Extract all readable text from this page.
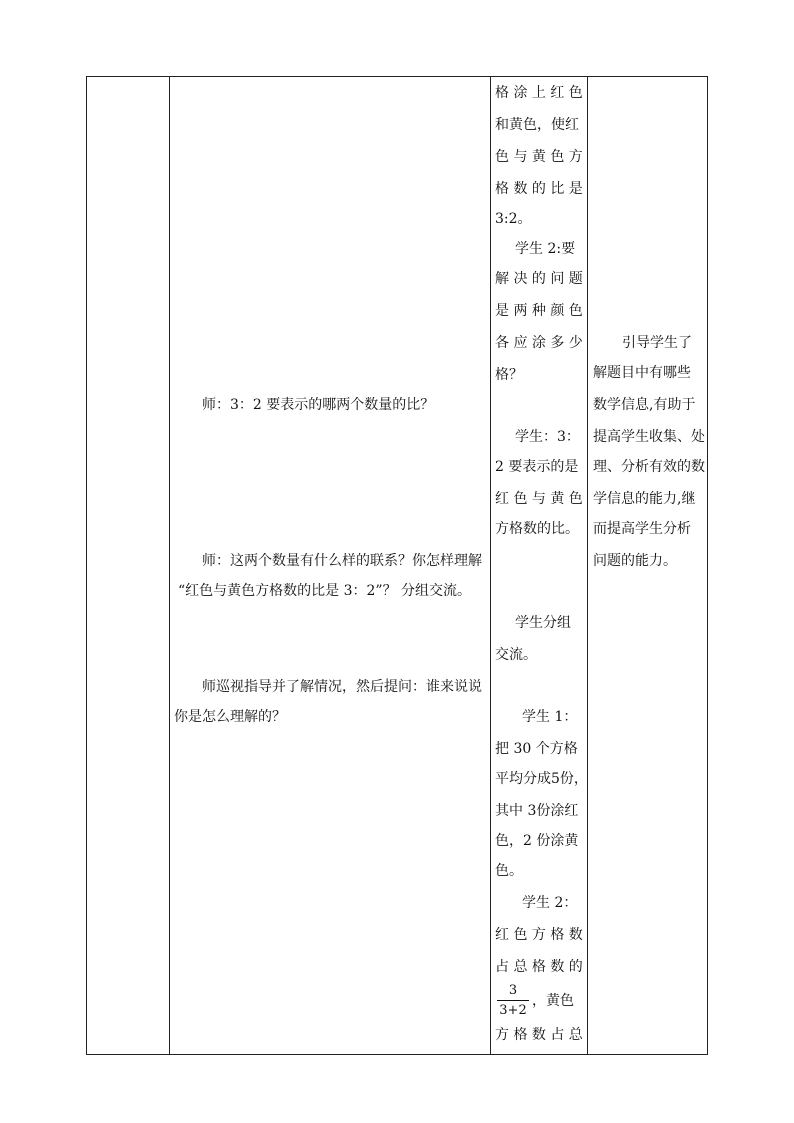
师：3：2 要表示的哪两个数量的比？
师：这两个数量有什么样的联系？你怎样理解
“红色与黄色方格数的比是 3：2”？ 分组交流。
师巡视指导并了解情况，然后提问：谁来说说
你是怎么理解的？
格 涂 上 红 色
和黄色，使红
色 与 黄 色 方
格 数 的 比 是
3:2。
学生 2:要
解 决 的 问 题
是 两 种 颜 色
各 应 涂 多 少
格？
学生：3：
2 要表示的是
红 色 与 黄 色
方格数的比。
学生分组
交流。
学生 1：
把 30 个方格
平均分成5份，
其中 3份涂红
色，2 份涂黄
色。
学生 2：
红 色 方 格 数
占 总 格 数 的
3
3+2
，黄色
方 格 数 占 总
引导学生了
解题目中有哪些
数学信息,有助于
提高学生收集、处
理、分析有效的数
学信息的能力,继
而提高学生分析
问题的能力。
